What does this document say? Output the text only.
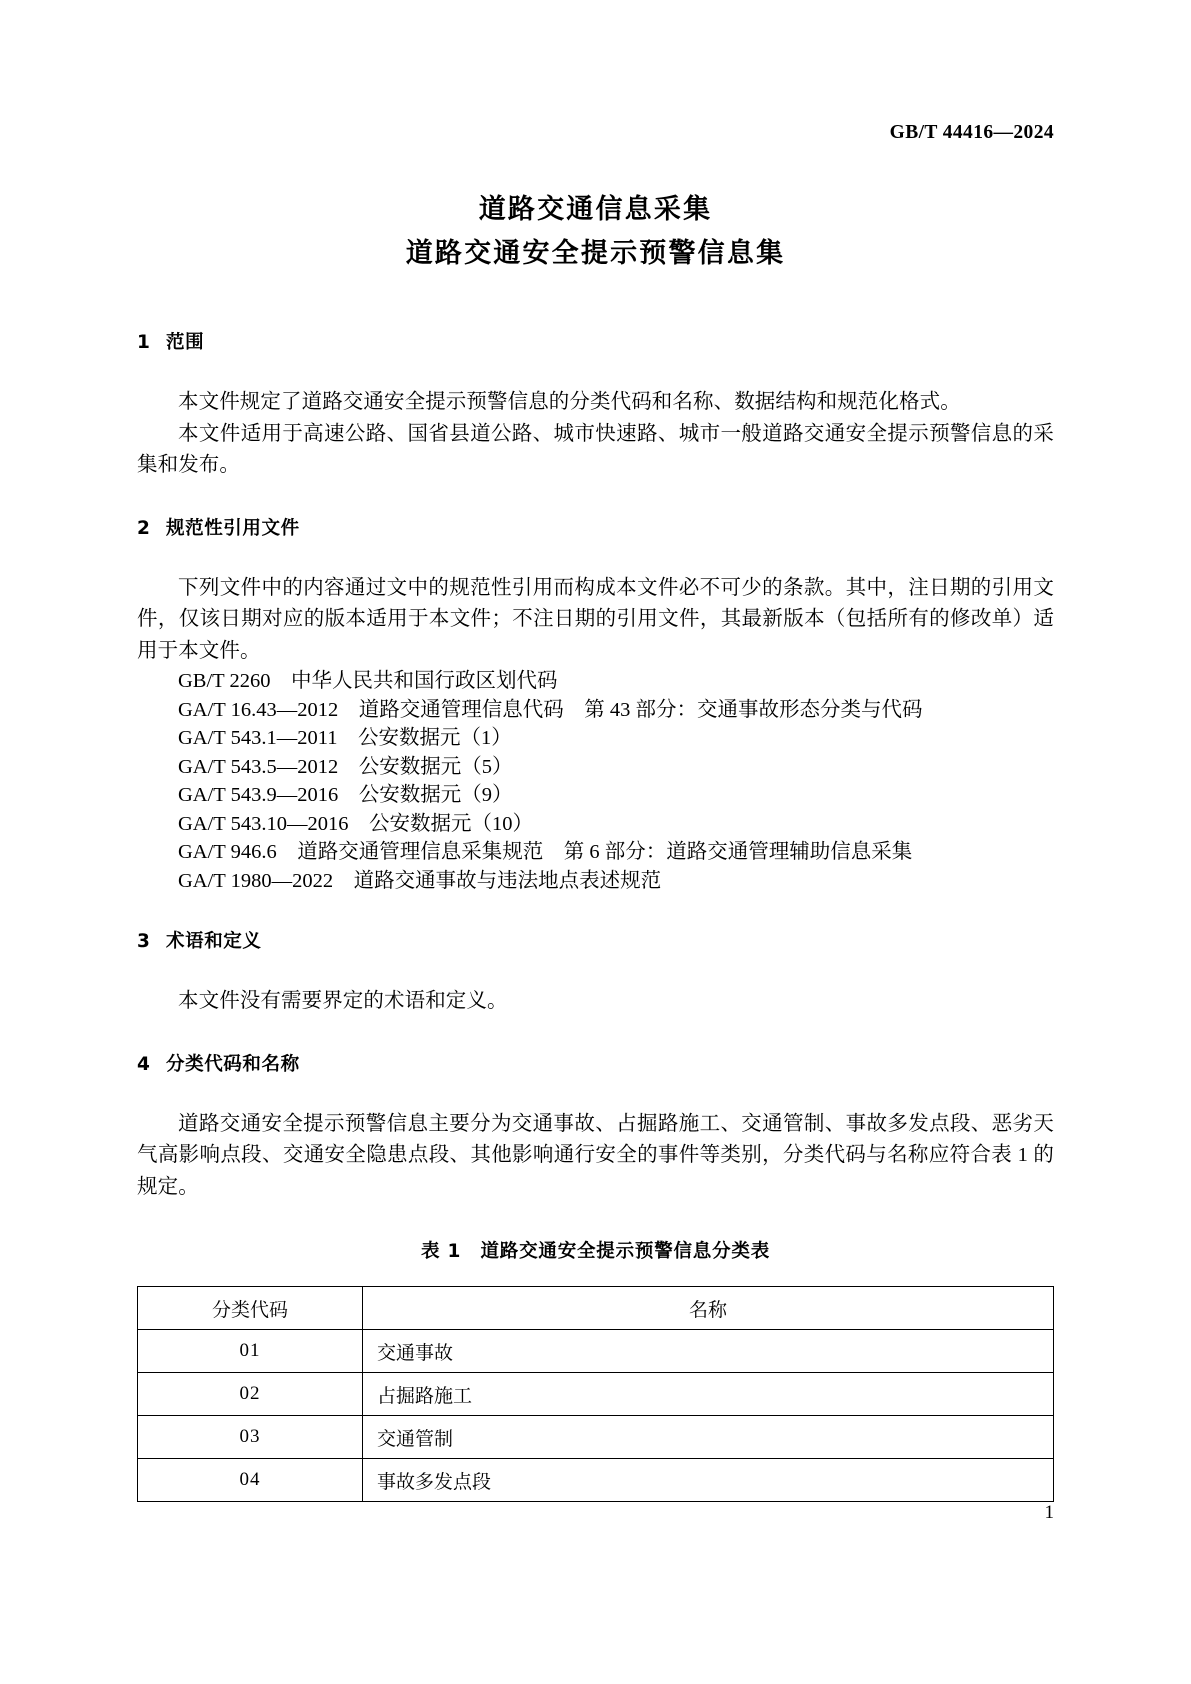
GB/T 44416—2024
道路交通信息采集
道路交通安全提示预警信息集
1 范围

本文件规定了道路交通安全提示预警信息的分类代码和名称、数据结构和规范化格式。

本文件适用于高速公路、国省县道公路、城市快速路、城市一般道路交通安全提示预警信息的采集和发布。

2 规范性引用文件

下列文件中的内容通过文中的规范性引用而构成本文件必不可少的条款。其中，注日期的引用文件，仅该日期对应的版本适用于本文件；不注日期的引用文件，其最新版本（包括所有的修改单）适用于本文件。

GB/T 2260　中华人民共和国行政区划代码
GA/T 16.43—2012　道路交通管理信息代码　第 43 部分：交通事故形态分类与代码
GA/T 543.1—2011　公安数据元（1）
GA/T 543.5—2012　公安数据元（5）
GA/T 543.9—2016　公安数据元（9）
GA/T 543.10—2016　公安数据元（10）
GA/T 946.6　道路交通管理信息采集规范　第 6 部分：道路交通管理辅助信息采集
GA/T 1980—2022　道路交通事故与违法地点表述规范
3 术语和定义

本文件没有需要界定的术语和定义。

4 分类代码和名称

道路交通安全提示预警信息主要分为交通事故、占掘路施工、交通管制、事故多发点段、恶劣天气高影响点段、交通安全隐患点段、其他影响通行安全的事件等类别，分类代码与名称应符合表 1 的规定。

表 1　道路交通安全提示预警信息分类表

分类代码	名称
01	交通事故
02	占掘路施工
03	交通管制
04	事故多发点段
1
